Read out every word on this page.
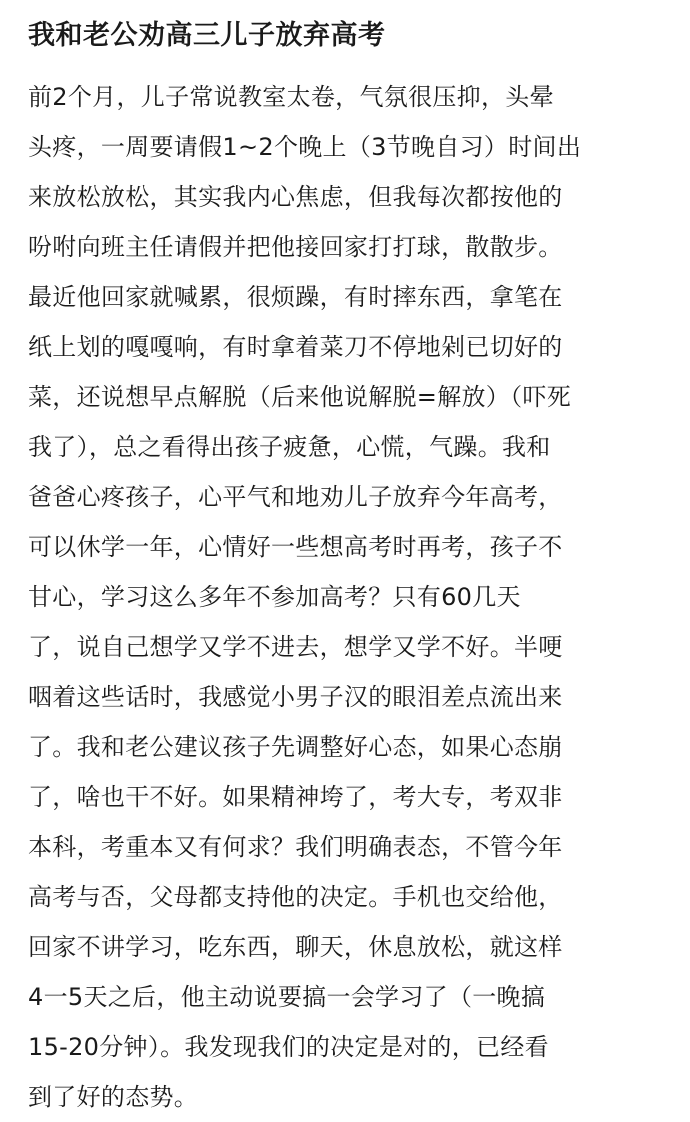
我和老公劝高三儿子放弃高考
前2个月，儿子常说教室太卷，气氛很压抑，头晕
头疼，一周要请假1~2个晚上（3节晚自习）时间出
来放松放松，其实我内心焦虑，但我每次都按他的
吩咐向班主任请假并把他接回家打打球，散散步。
最近他回家就喊累，很烦躁，有时摔东西，拿笔在
纸上划的嘎嘎响，有时拿着菜刀不停地剁已切好的
菜，还说想早点解脱（后来他说解脱=解放）（吓死
我了），总之看得出孩子疲惫，心慌，气躁。我和
爸爸心疼孩子，心平气和地劝儿子放弃今年高考，
可以休学一年，心情好一些想高考时再考，孩子不
甘心，学习这么多年不参加高考？只有60几天
了，说自己想学又学不进去，想学又学不好。半哽
咽着这些话时，我感觉小男子汉的眼泪差点流出来
了。我和老公建议孩子先调整好心态，如果心态崩
了，啥也干不好。如果精神垮了，考大专，考双非
本科，考重本又有何求？我们明确表态，不管今年
高考与否，父母都支持他的决定。手机也交给他，
回家不讲学习，吃东西，聊天，休息放松，就这样
4一5天之后，他主动说要搞一会学习了（一晚搞
15-20分钟）。我发现我们的决定是对的，已经看
到了好的态势。
